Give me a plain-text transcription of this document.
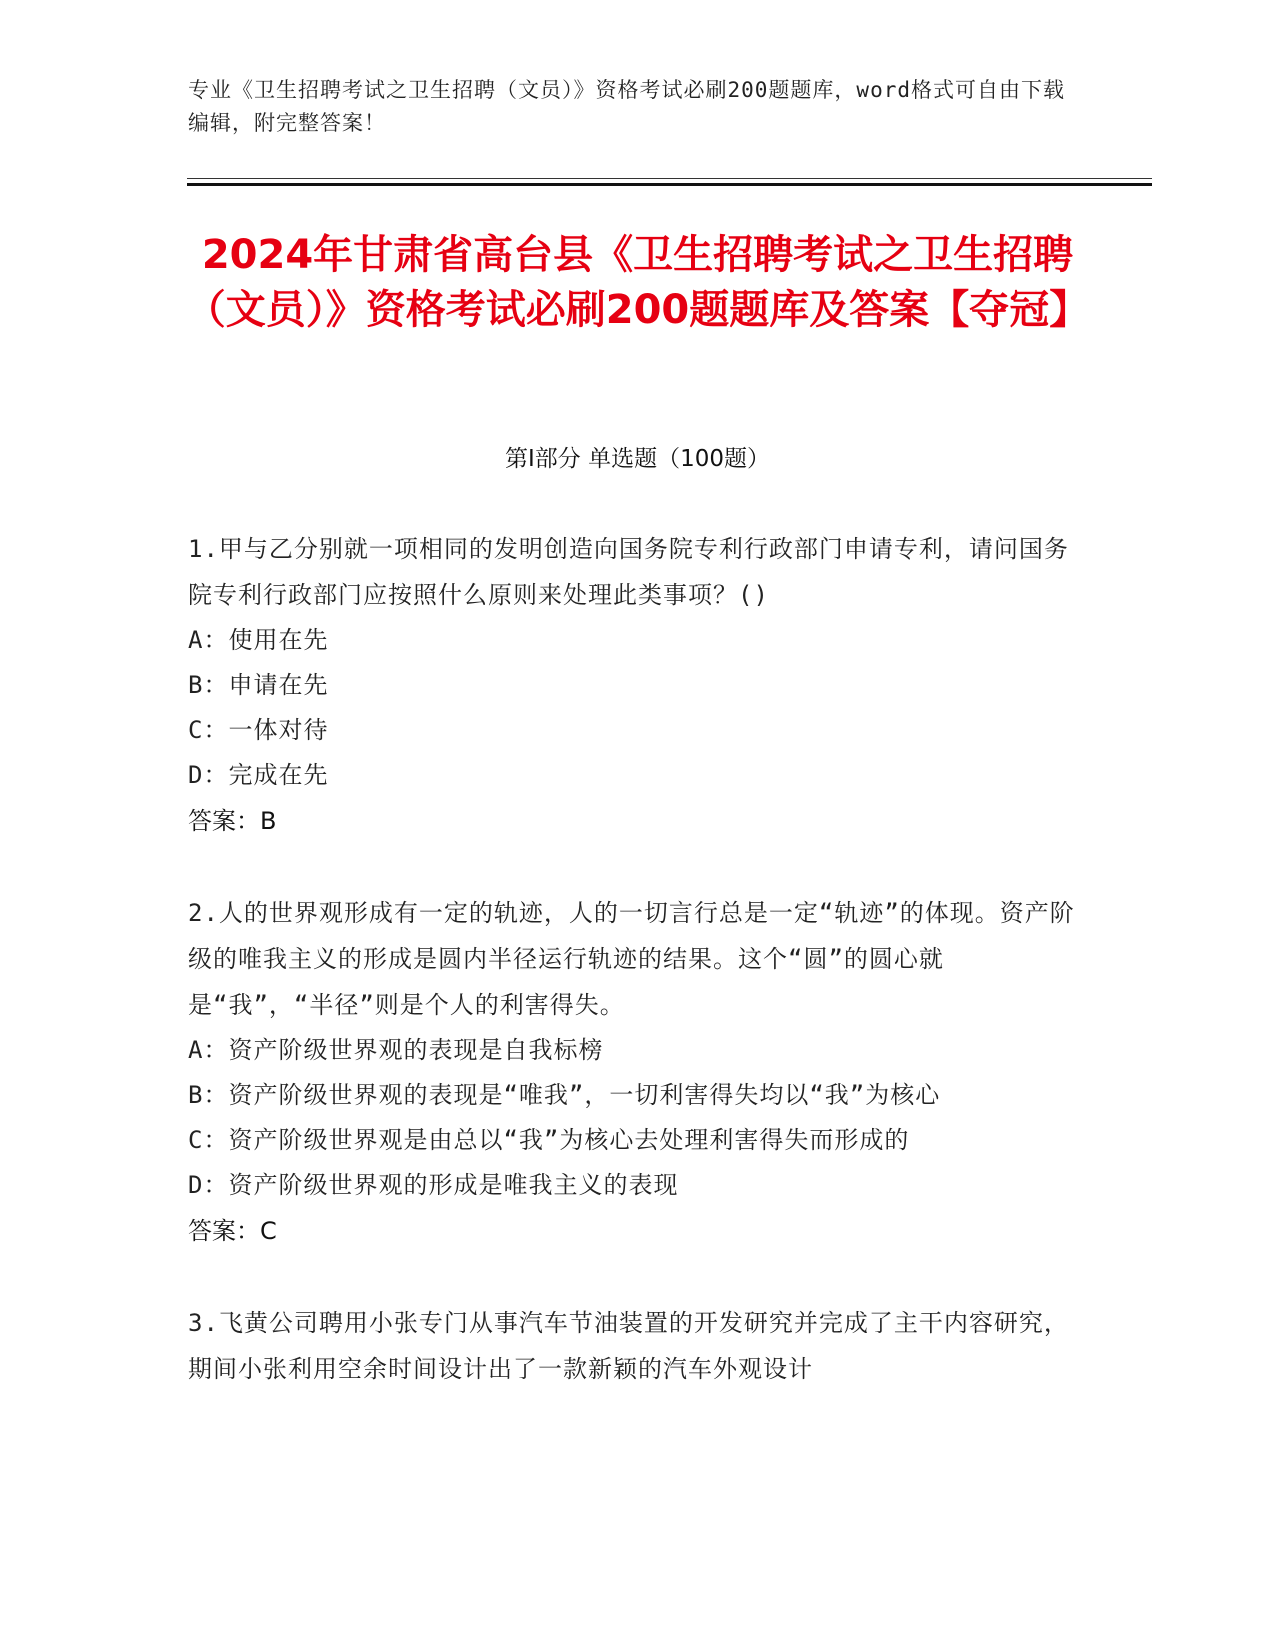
专业《卫生招聘考试之卫生招聘（文员）》资格考试必刷200题题库，word格式可自由下载编辑，附完整答案！
2024年甘肃省高台县《卫生招聘考试之卫生招聘（文员）》资格考试必刷200题题库及答案【夺冠】
第I部分 单选题（100题）
1.甲与乙分别就一项相同的发明创造向国务院专利行政部门申请专利，请问国务院专利行政部门应按照什么原则来处理此类事项？()
A：使用在先
B：申请在先
C：一体对待
D：完成在先
答案：B
2.人的世界观形成有一定的轨迹，人的一切言行总是一定“轨迹”的体现。资产阶级的唯我主义的形成是圆内半径运行轨迹的结果。这个“圆”的圆心就是“我”，“半径”则是个人的利害得失。
A：资产阶级世界观的表现是自我标榜
B：资产阶级世界观的表现是“唯我”，一切利害得失均以“我”为核心
C：资产阶级世界观是由总以“我”为核心去处理利害得失而形成的
D：资产阶级世界观的形成是唯我主义的表现
答案：C
3.飞黄公司聘用小张专门从事汽车节油装置的开发研究并完成了主干内容研究，期间小张利用空余时间设计出了一款新颖的汽车外观设计
